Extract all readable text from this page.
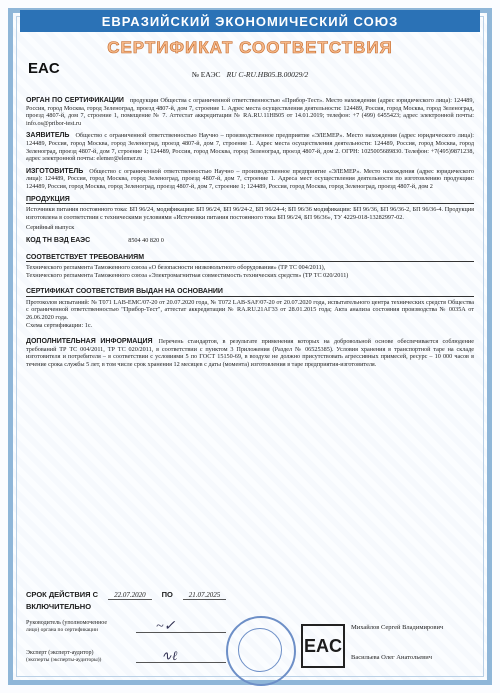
ЕВРАЗИЙСКИЙ ЭКОНОМИЧЕСКИЙ СОЮЗ
СЕРТИФИКАТ СООТВЕТСТВИЯ
EAC	№ ЕАЭС RU С-RU.НВ05.В.00029/2
ОРГАН ПО СЕРТИФИКАЦИИ продукции Общества с ограниченной ответственностью «Прибор-Тест». Место нахождения (адрес юридического лица): 124489, Россия, город Москва, город Зеленоград, проезд 4807-й, дом 7, строение 1. Адрес места осуществления деятельности: 124489, Россия, город Москва, город Зеленоград, проезд 4807-й, дом 7, строение 1, помещение № 7. Аттестат аккредитации № RA.RU.11НВ05 от 14.01.2019; телефон: +7 (499) 6455423; адрес электронной почты: info.os@pribor-test.ru
ЗАЯВИТЕЛЬ Общество с ограниченной ответственностью Научно – производственное предприятие «ЭЛЕМЕР». Место нахождения (адрес юридического лица): 124489, Россия, город Москва, город Зеленоград, проезд 4807-й, дом 7, строение 1. Адрес места осуществления деятельности: 124489, Россия, город Москва, город Зеленоград, проезд 4807-й, дом 7, строение 1; 124489, Россия, город Москва, город Зеленоград, проезд 4807-й, дом 2. ОГРН: 1025005689830. Телефон: +7(495)9871238, адрес электронной почты: elemer@elemer.ru
ИЗГОТОВИТЕЛЬ Общество с ограниченной ответственностью Научно – производственное предприятие «ЭЛЕМЕР». Место нахождения (адрес юридического лица): 124489, Россия, город Москва, город Зеленоград, проезд 4807-й, дом 7, строение 1. Адреса мест осуществления деятельности по изготовлению продукции: 124489, Россия, город Москва, город Зеленоград, проезд 4807-й, дом 7, строение 1; 124489, Россия, город Москва, город Зеленоград, проезд 4807-й, дом 2
ПРОДУКЦИЯ
Источники питания постоянного тока: БП 96/24, модификации: БП 96/24, БП 96/24-2, БП 96/24-4; БП 96/36 модификации: БП 96/36, БП 96/36-2, БП 96/36-4. Продукция изготовлена в соответствии с техническими условиями «Источники питания постоянного тока БП 96/24, БП 96/36», ТУ 4229-018-13282997-02.
Серийный выпуск
КОД ТН ВЭД ЕАЭС	8504 40 820 0
СООТВЕТСТВУЕТ ТРЕБОВАНИЯМ
Технического регламента Таможенного союза «О безопасности низковольтного оборудования» (ТР ТС 004/2011),
Технического регламента Таможенного союза «Электромагнитная совместимость технических средств» (ТР ТС 020/2011)
СЕРТИФИКАТ СООТВЕТСТВИЯ ВЫДАН НА ОСНОВАНИИ
Протоколов испытаний: № Т071 LAB-EMC/07-20 от 20.07.2020 года, № Т072 LAB-SAF/07-20 от 20.07.2020 года, испытательного центра технических средств Общества с ограниченной ответственностью "Прибор-Тест", аттестат аккредитации № RA.RU.21АГ33 от 28.01.2015 года; Акта анализа состояния производства № 0035А от 26.06.2020 года.
Схема сертификации: 1с.
ДОПОЛНИТЕЛЬНАЯ ИНФОРМАЦИЯ Перечень стандартов, в результате применения которых на добровольной основе обеспечивается соблюдение требований ТР ТС 004/2011, ТР ТС 020/2011, в соответствии с пунктом 3 Приложения (Раздел № 06525385). Условия хранения в транспортной таре на складе изготовителя и потребителя – в соответствии с условиями 5 по ГОСТ 15150-69, в воздухе не должно присутствовать агрессивных примесей, ресурс – 10 000 часов в течение срока службы 5 лет, в том числе срок хранения 12 месяцев с даты (момента) изготовления в таре предприятия-изготовителя.
СРОК ДЕЙСТВИЯ С	22.07.2020	ПО	21.07.2025
ВКЛЮЧИТЕЛЬНО
EAC
Руководитель (уполномоченное
лицо) органа по сертификации	~✓	Михайлов Сергей Владимирович
Эксперт (эксперт-аудитор)
(эксперты (эксперты-аудиторы))	∿ℓ	Васильева Олег Анатольевич
